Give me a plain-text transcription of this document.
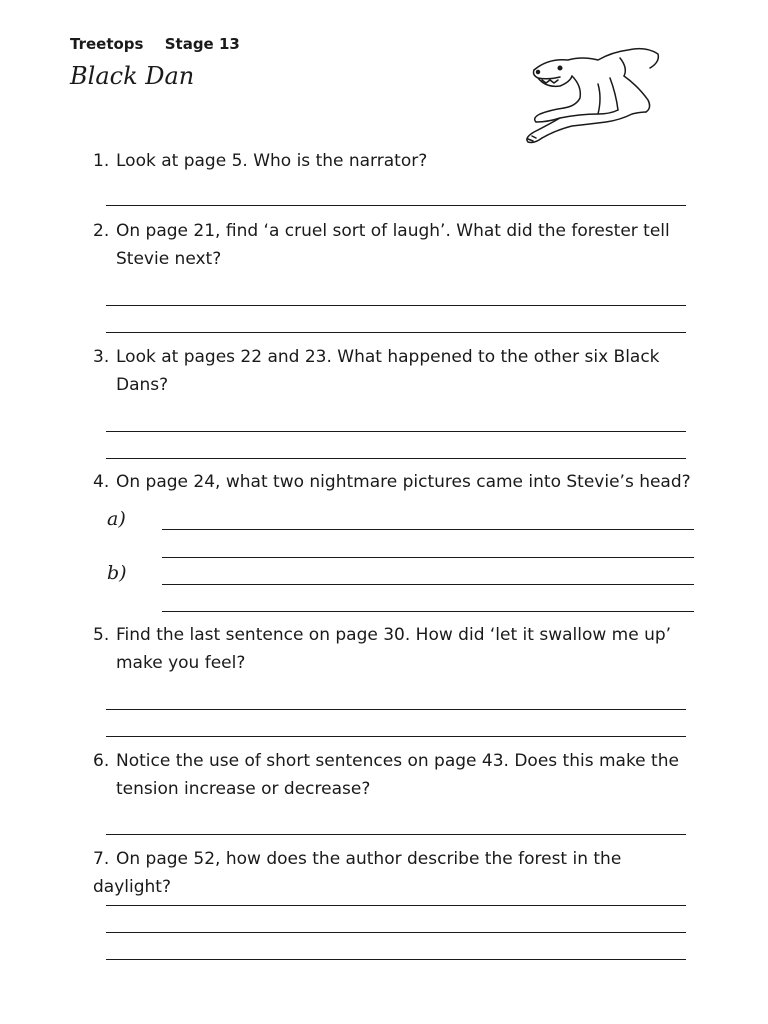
Treetops Stage 13
Black Dan
1. Look at page 5. Who is the narrator?
2. On page 21, find ‘a cruel sort of laugh’. What did the forester tell
Stevie next?
3. Look at pages 22 and 23. What happened to the other six Black
Dans?
4. On page 24, what two nightmare pictures came into Stevie’s head?
a)
b)
5. Find the last sentence on page 30. How did ‘let it swallow me up’
make you feel?
6. Notice the use of short sentences on page 43. Does this make the
tension increase or decrease?
7. On page 52, how does the author describe the forest in the daylight?
